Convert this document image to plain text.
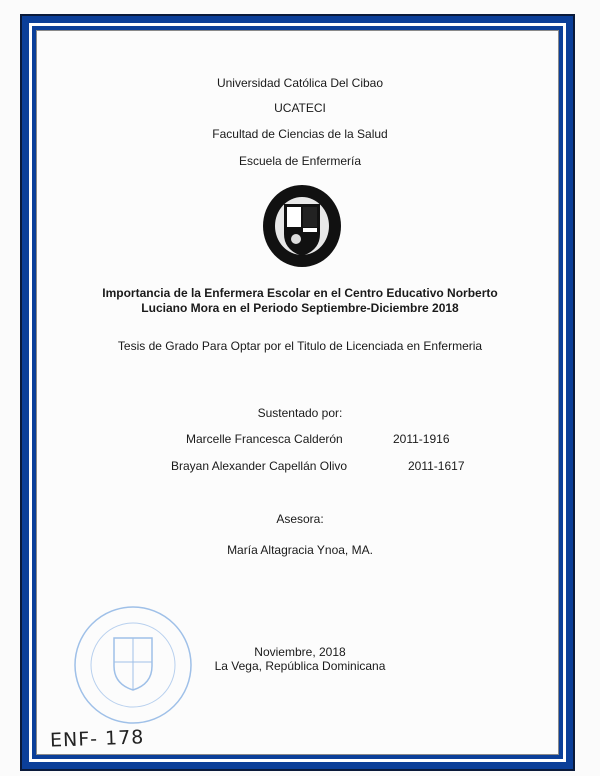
Universidad Católica Del Cibao
UCATECI
Facultad de Ciencias de la Salud
Escuela de Enfermería
Importancia de la Enfermera Escolar en el Centro Educativo Norberto
Luciano Mora en el Periodo Septiembre-Diciembre 2018
Tesis de Grado Para Optar por el Titulo de Licenciada en Enfermeria
Sustentado por:
Marcelle Francesca Calderón	2011-1916
Brayan Alexander Capellán Olivo	2011-1617
Asesora:
María Altagracia Ynoa, MA.
Noviembre, 2018
La Vega, República Dominicana
ENF- 178
